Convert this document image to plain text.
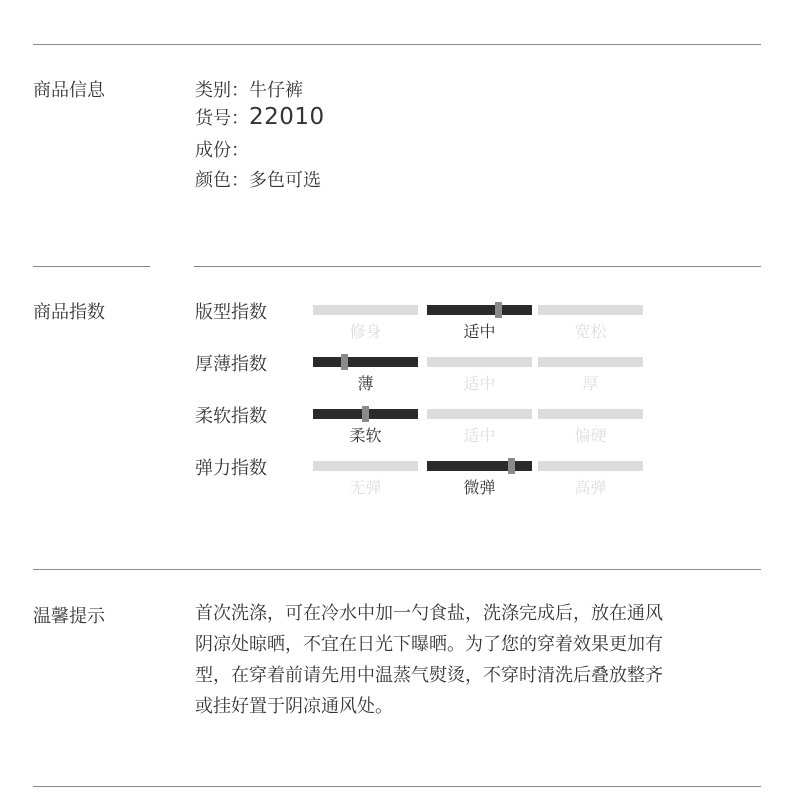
商品信息	类别：牛仔裤
货号：22010
成份：
颜色：多色可选
商品指数	版型指数
修身	适中	宽松
厚薄指数
薄	适中	厚
柔软指数
柔软	适中	偏硬
弹力指数
无弹	微弹	高弹
温馨提示	首次洗涤，可在冷水中加一勺食盐，洗涤完成后，放在通风
阴凉处晾晒，不宜在日光下曝晒。为了您的穿着效果更加有
型，在穿着前请先用中温蒸气熨烫，不穿时清洗后叠放整齐
或挂好置于阴凉通风处。
